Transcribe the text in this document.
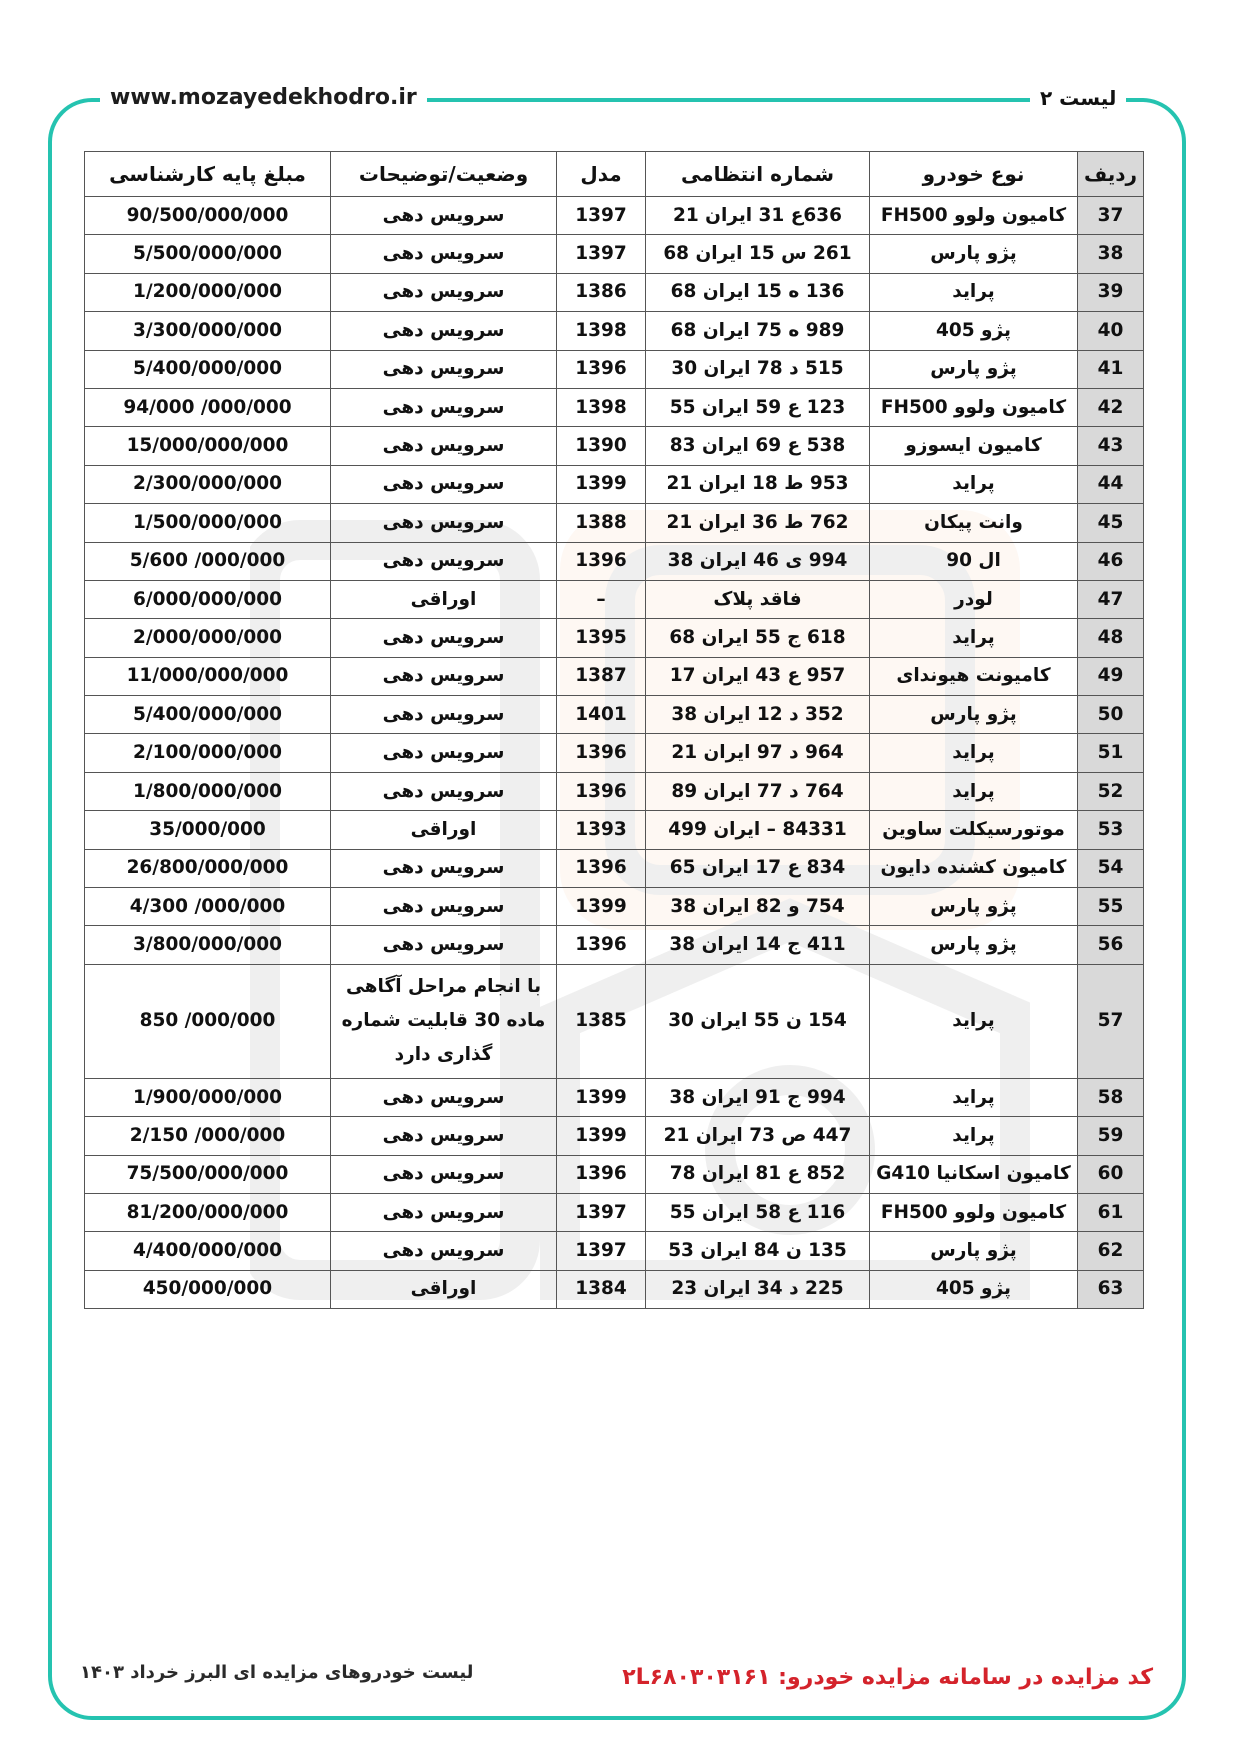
www.mozayedekhodro.ir	لیست ۲
ردیف	نوع خودرو	شماره انتظامی	مدل	وضعیت/توضیحات	مبلغ پایه کارشناسی
37	کامیون ولوو FH500	636ع 31 ایران 21	1397	سرویس دهی	90/500/000/000
38	پژو پارس	261 س 15 ایران 68	1397	سرویس دهی	5/500/000/000
39	پراید	136 ه 15 ایران 68	1386	سرویس دهی	1/200/000/000
40	پژو 405	989 ه 75 ایران 68	1398	سرویس دهی	3/300/000/000
41	پژو پارس	515 د 78 ایران 30	1396	سرویس دهی	5/400/000/000
42	کامیون ولوو FH500	123 ع 59 ایران 55	1398	سرویس دهی	94/000 /000/000
43	کامیون ایسوزو	538 ع 69 ایران 83	1390	سرویس دهی	15/000/000/000
44	پراید	953 ط 18 ایران 21	1399	سرویس دهی	2/300/000/000
45	وانت پیکان	762 ط 36 ایران 21	1388	سرویس دهی	1/500/000/000
46	ال 90	994 ی 46 ایران 38	1396	سرویس دهی	5/600 /000/000
47	لودر	فاقد پلاک	–	اوراقی	6/000/000/000
48	پراید	618 ج 55 ایران 68	1395	سرویس دهی	2/000/000/000
49	کامیونت هیوندای	957 ع 43 ایران 17	1387	سرویس دهی	11/000/000/000
50	پژو پارس	352 د 12 ایران 38	1401	سرویس دهی	5/400/000/000
51	پراید	964 د 97 ایران 21	1396	سرویس دهی	2/100/000/000
52	پراید	764 د 77 ایران 89	1396	سرویس دهی	1/800/000/000
53	موتورسیکلت ساوین	84331 – ایران 499	1393	اوراقی	35/000/000
54	کامیون کشنده دایون	834 ع 17 ایران 65	1396	سرویس دهی	26/800/000/000
55	پژو پارس	754 و 82 ایران 38	1399	سرویس دهی	4/300 /000/000
56	پژو پارس	411 ج 14 ایران 38	1396	سرویس دهی	3/800/000/000
57	پراید	154 ن 55 ایران 30	1385	با انجام مراحل آگاهی ماده 30 قابلیت شماره گذاری دارد	850 /000/000
58	پراید	994 ج 91 ایران 38	1399	سرویس دهی	1/900/000/000
59	پراید	447 ص 73 ایران 21	1399	سرویس دهی	2/150 /000/000
60	کامیون اسکانیا G410	852 ع 81 ایران 78	1396	سرویس دهی	75/500/000/000
61	کامیون ولوو FH500	116 ع 58 ایران 55	1397	سرویس دهی	81/200/000/000
62	پژو پارس	135 ن 84 ایران 53	1397	سرویس دهی	4/400/000/000
63	پژو 405	225 د 34 ایران 23	1384	اوراقی	450/000/000
کد مزایده در سامانه مزایده خودرو: ۲L۶۸۰۳۰۳۱۶۱
لیست خودروهای مزایده ای البرز خرداد ۱۴۰۳
